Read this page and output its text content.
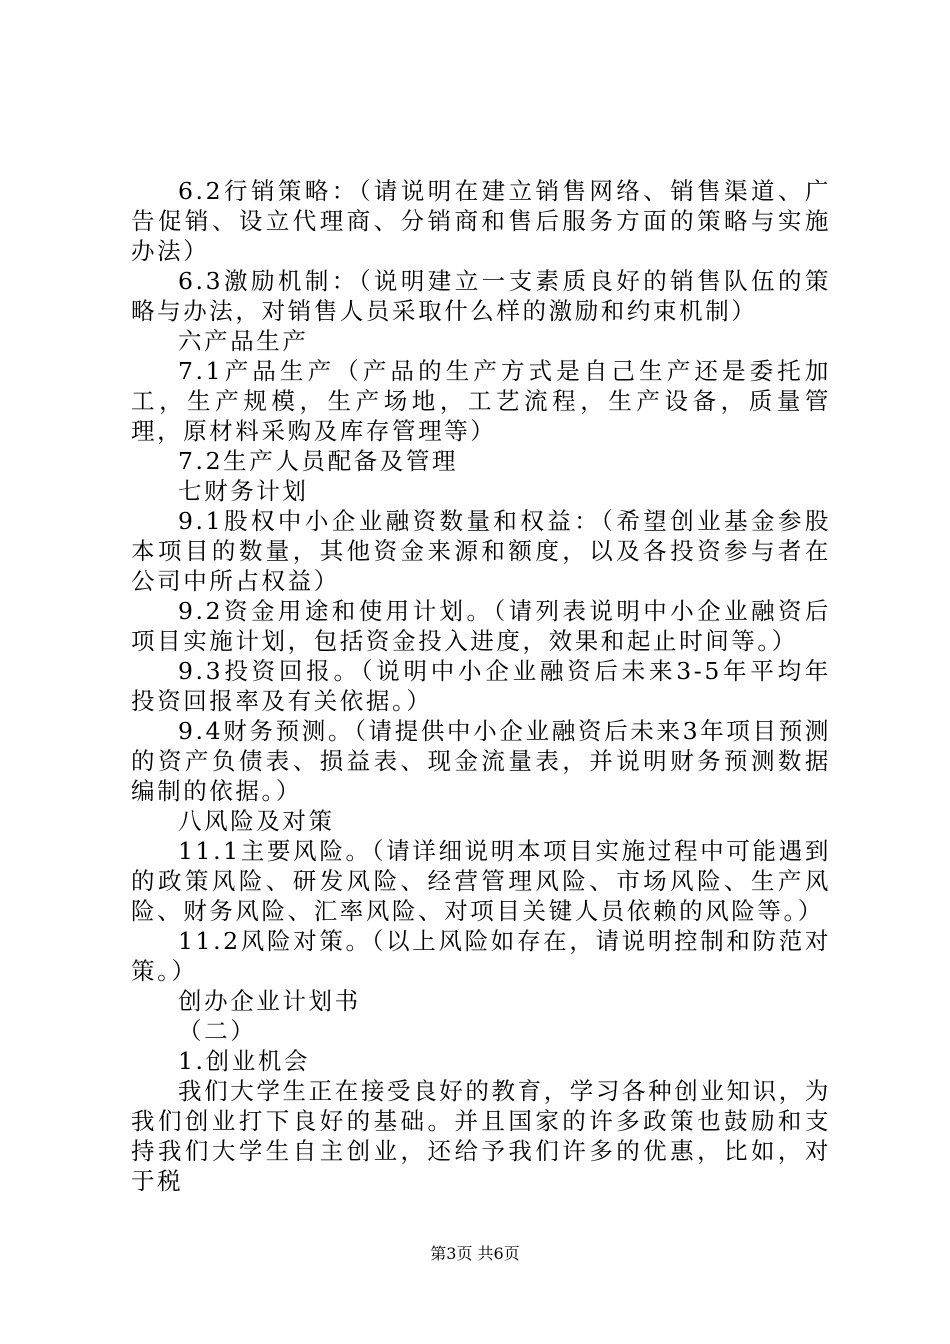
6.2行销策略：（请说明在建立销售网络、销售渠道、广告促销、设立代理商、分销商和售后服务方面的策略与实施办法）

6.3激励机制：（说明建立一支素质良好的销售队伍的策略与办法，对销售人员采取什么样的激励和约束机制）

六产品生产

7.1产品生产（产品的生产方式是自己生产还是委托加工，生产规模，生产场地，工艺流程，生产设备，质量管理，原材料采购及库存管理等）

7.2生产人员配备及管理

七财务计划

9.1股权中小企业融资数量和权益：（希望创业基金参股本项目的数量，其他资金来源和额度，以及各投资参与者在公司中所占权益）

9.2资金用途和使用计划。（请列表说明中小企业融资后项目实施计划，包括资金投入进度，效果和起止时间等。）

9.3投资回报。（说明中小企业融资后未来3-5年平均年投资回报率及有关依据。）

9.4财务预测。（请提供中小企业融资后未来3年项目预测的资产负债表、损益表、现金流量表，并说明财务预测数据编制的依据。）

八风险及对策

11.1主要风险。（请详细说明本项目实施过程中可能遇到的政策风险、研发风险、经营管理风险、市场风险、生产风险、财务风险、汇率风险、对项目关键人员依赖的风险等。）

11.2风险对策。（以上风险如存在，请说明控制和防范对策。）

创办企业计划书

（二）

1.创业机会

我们大学生正在接受良好的教育，学习各种创业知识，为我们创业打下良好的基础。并且国家的许多政策也鼓励和支持我们大学生自主创业，还给予我们许多的优惠，比如，对于税

第3页 共6页
